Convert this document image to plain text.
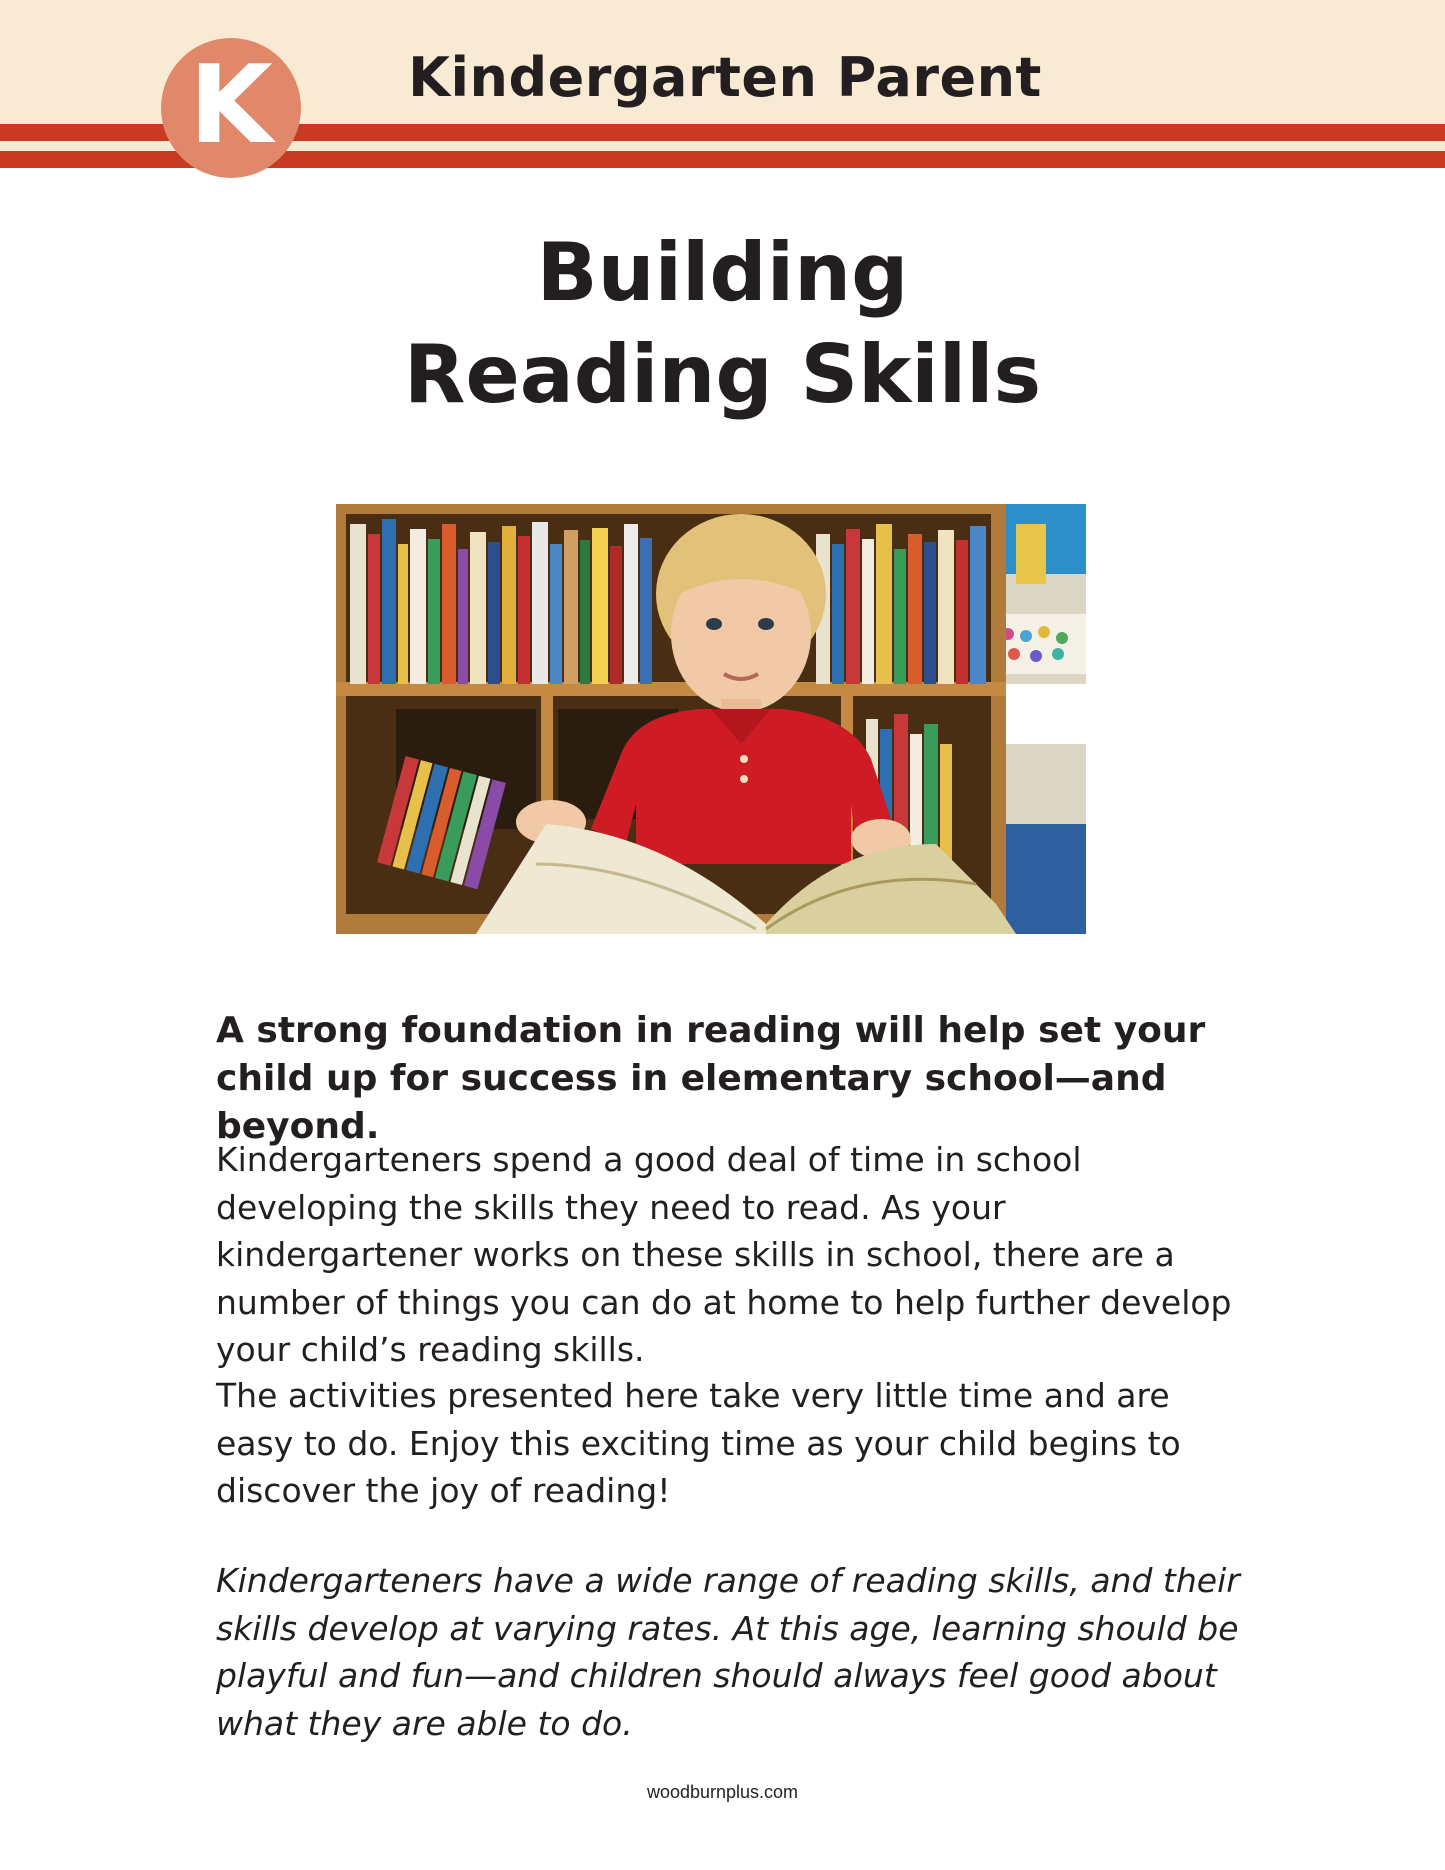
K	Kindergarten Parent
Building
Reading Skills
A strong foundation in reading will help set your child up for success in elementary school—and beyond.

Kindergarteners spend a good deal of time in school developing the skills they need to read. As your kindergartener works on these skills in school, there are a number of things you can do at home to help further develop your child’s reading skills.

The activities presented here take very little time and are easy to do. Enjoy this exciting time as your child begins to discover the joy of reading!

Kindergarteners have a wide range of reading skills, and their skills develop at varying rates. At this age, learning should be playful and fun—and children should always feel good about what they are able to do.

woodburnplus.com
